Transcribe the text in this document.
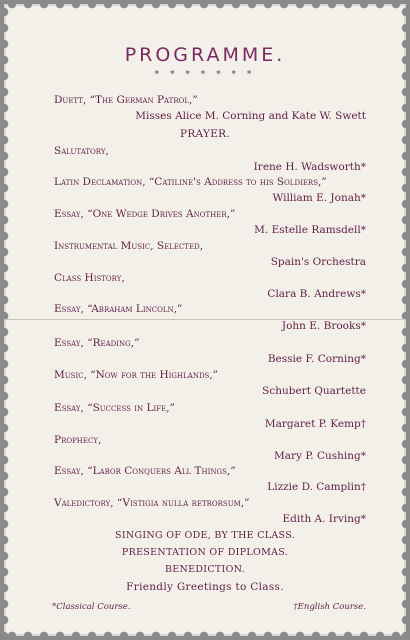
PROGRAMME.
* * * * * * *
Duett, “The German Patrol,”
Misses Alice M. Corning and Kate W. Swett
PRAYER.
Salutatory,
Irene H. Wadsworth*
Latin Declamation, “Catiline's Address to his Soldiers,”
William E. Jonah*
Essay, “One Wedge Drives Another,”
M. Estelle Ramsdell*
Instrumental Music, Selected,
Spain's Orchestra
Class History,
Clara B. Andrews*
Essay, “Abraham Lincoln,”
John E. Brooks*
Essay, “Reading,”
Bessie F. Corning*
Music, “Now for the Highlands,”
Schubert Quartette
Essay, “Success in Life,”
Margaret P. Kemp†
Prophecy,
Mary P. Cushing*
Essay, “Labor Conquers All Things,”
Lizzie D. Camplin†
Valedictory, “Vistigia nulla retrorsum,”
Edith A. Irving*
SINGING OF ODE, BY THE CLASS.
PRESENTATION OF DIPLOMAS.
BENEDICTION.
Friendly Greetings to Class.
*Classical Course.	†English Course.
